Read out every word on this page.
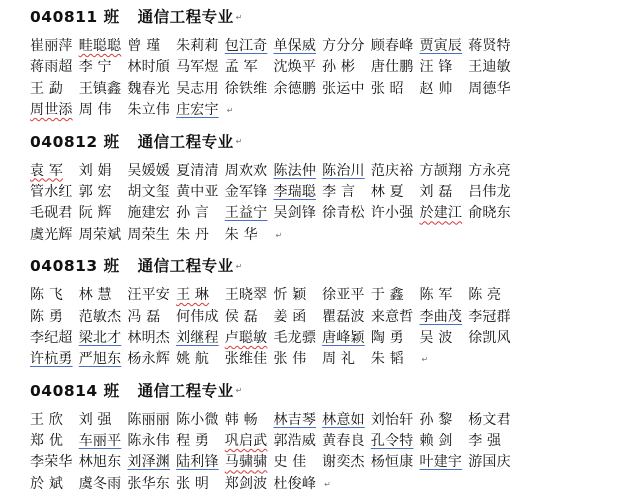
040811 班 通信工程专业 ↵
崔丽萍 畦聪聪 曾 瑾	朱莉莉 包江奇 单保威 方分分 顾春峰 贾寅辰 蒋贤特
蒋雨超 李 宁	林时頎 马军煜 孟 军	沈焕平 孙 彬	唐仕鹏 汪 锋	王迪敏
王 勐	王镇鑫 魏春光 吴志用 徐铁维 余德鹏 张运中 张 昭	赵 帅	周德华
周世添 周 伟	朱立伟 庄宏宇	↵
040812 班 通信工程专业 ↵
袁 军	刘 娟	吴媛媛 夏清清 周欢欢 陈法仲 陈治川 范庆裕 方颉翔 方永亮
管水红 郭 宏	胡文玺 黄中亚 金军锋 李瑞聪 李 言	林 夏	刘 磊	吕伟龙
毛砚君 阮 辉	施建宏 孙 言	王益宁 吴剑锋 徐青松 许小强 於建江 俞晓东
虞光辉 周荣斌 周荣生 朱 丹	朱 华	↵
040813 班 通信工程专业 ↵
陈 飞	林 慧	汪平安 王 琳	王晓翠 忻 颖	徐亚平 于 鑫	陈 军	陈 亮
陈 勇	范敏杰 冯 磊	何伟成 侯 磊	姜 函	瞿磊波 来意哲 李曲茂 李冠群
李纪超 梁北才 林明杰 刘继程 卢聪敏 毛龙骠 唐峰颖 陶 勇	吴 波	徐凯风
许杭勇 严旭东 杨永辉 姚 航	张维佳 张 伟	周 礼	朱 韬	↵
040814 班 通信工程专业 ↵
王 欣	刘 强	陈丽丽 陈小微 韩 畅	林吉琴 林意如 刘怡轩 孙 黎	杨文君
郑 优	车丽平 陈永伟 程 勇	巩启武 郭浩威 黄春良 孔令特 赖 剑	李 强
李荣华 林旭东 刘泽渊 陆利锋 马骕骕 史 佳	谢奕杰 杨恒康 叶建宇 游国庆
於 斌	虞冬雨 张华东 张 明	郑剑波 杜俊峰	↵
